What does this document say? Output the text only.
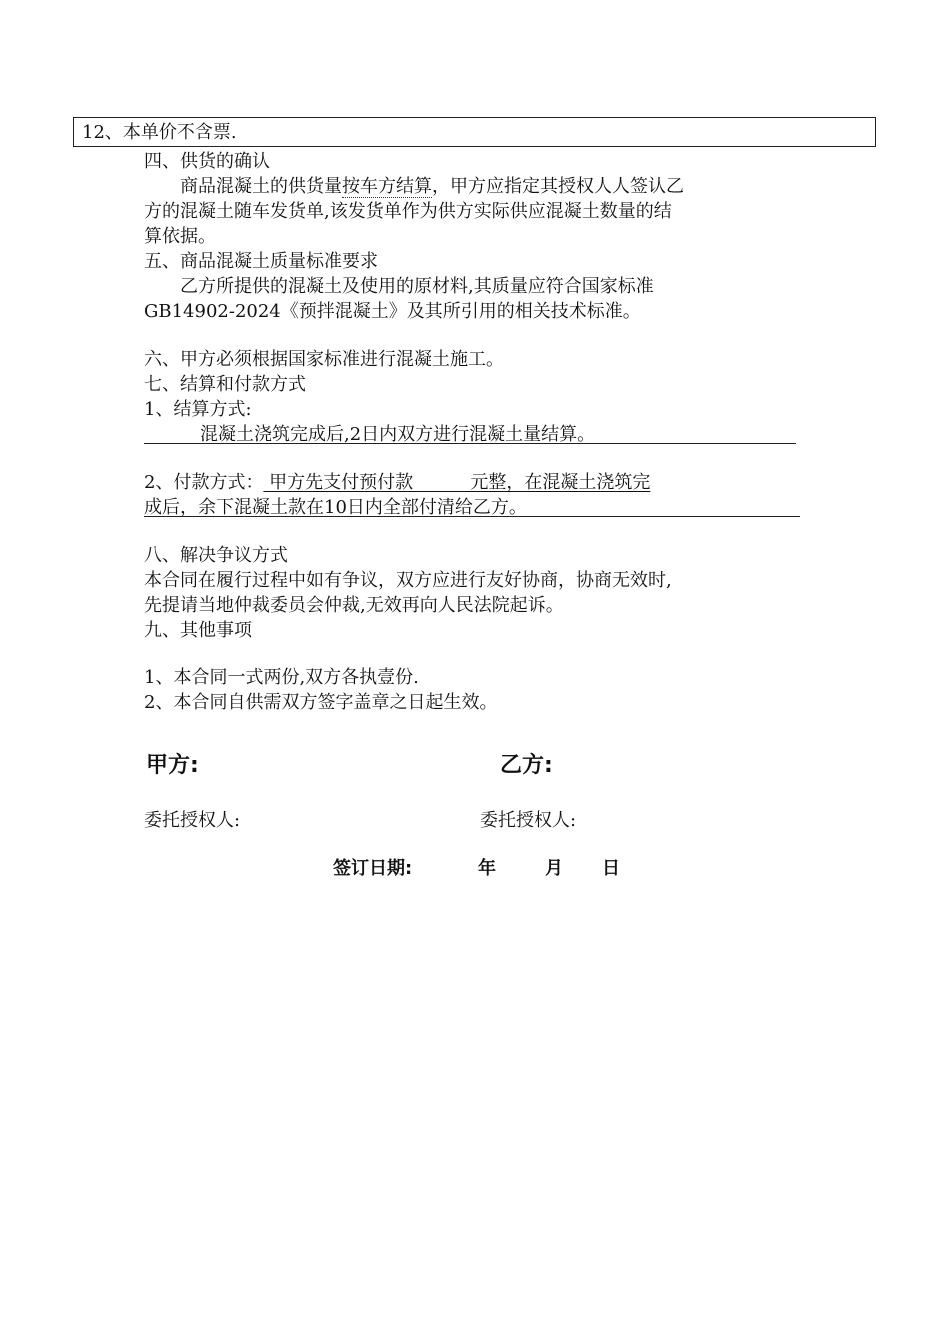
12、本单价不含票.
四、供货的确认
商品混凝土的供货量按车方结算，甲方应指定其授权人人签认乙
方的混凝土随车发货单,该发货单作为供方实际供应混凝土数量的结
算依据。
五、商品混凝土质量标准要求
乙方所提供的混凝土及使用的原材料,其质量应符合国家标准
GB14902-2024《预拌混凝土》及其所引用的相关技术标准。
六、甲方必须根据国家标准进行混凝土施工。
七、结算和付款方式
1、结算方式:
混凝土浇筑完成后,2日内双方进行混凝土量结算。
2、付款方式： 甲方先支付预付款          元整，在混凝土浇筑完
成后，余下混凝土款在10日内全部付清给乙方。
八、解决争议方式
本合同在履行过程中如有争议，双方应进行友好协商，协商无效时,
先提请当地仲裁委员会仲裁,无效再向人民法院起诉。
九、其他事项
1、本合同一式两份,双方各执壹份.
2、本合同自供需双方签字盖章之日起生效。
甲方:	乙方:
委托授权人:	委托授权人:
签订日期:	年	月 日
